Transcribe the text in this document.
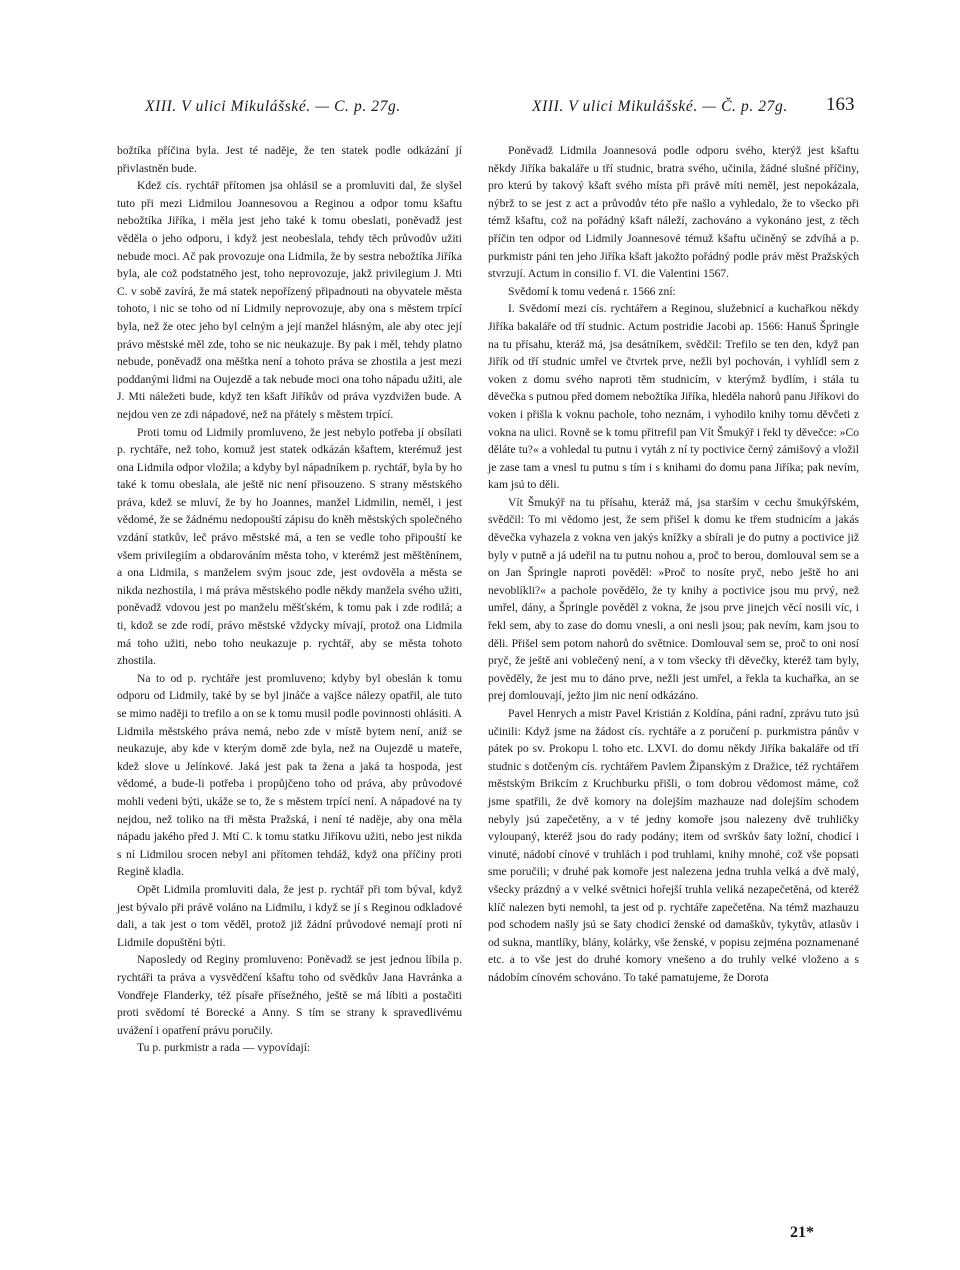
XIII. V ulici Mikulášské. — C. p. 27g.	XIII. V ulici Mikulášské. — Č. p. 27g. 163

božtíka příčina byla. Jest té naděje, že ten statek podle odkázání jí přivlastněn bude.

Kdež cís. rychtář přítomen jsa ohlásil se a promluviti dal, že slyšel tuto při mezi Lidmilou Joannesovou a Reginou a odpor tomu kšaftu nebožtíka Jiříka, i měla jest jeho také k tomu obeslati, poněvadž jest věděla o jeho odporu, i když jest neobeslala, tehdy těch průvodův užiti nebude moci. Ač pak provozuje ona Lidmila, že by sestra nebožtíka Jiříka byla, ale což podstatného jest, toho neprovozuje, jakž privilegium J. Mti C. v sobě zavírá, že má statek nepořízený připadnouti na obyvatele města tohoto, i nic se toho od ní Lidmily neprovozuje, aby ona s městem trpící byla, než že otec jeho byl celným a její manžel hlásným, ale aby otec její právo městské měl zde, toho se nic neukazuje. By pak i měl, tehdy platno nebude, poněvadž ona měštka není a tohoto práva se zhostila a jest mezi poddanými lidmi na Oujezdě a tak nebude moci ona toho nápadu užiti, ale J. Mti náležeti bude, když ten kšaft Jiříkův od práva vyzdvižen bude. A nejdou ven ze zdi nápadové, než na přátely s městem trpící.

Proti tomu od Lidmily promluveno, že jest nebylo potřeba jí obsílati p. rychtáře, než toho, komuž jest statek odkázán kšaftem, kterémuž jest ona Lidmila odpor vložila; a kdyby byl nápadníkem p. rychtář, byla by ho také k tomu obeslala, ale ještě nic není přisouzeno. S strany městského práva, kdež se mluví, že by ho Joannes, manžel Lidmilin, neměl, i jest vědomé, že se žádnému nedopouští zápisu do kněh městských společného vzdání statkův, leč právo městské má, a ten se vedle toho připouští ke všem privilegiím a obdarováním města toho, v kterémž jest měštěnínem, a ona Lidmila, s manželem svým jsouc zde, jest ovdověla a města se nikda nezhostila, i má práva městského podle někdy manžela svého užiti, poněvadž vdovou jest po manželu měšťském, k tomu pak i zde rodilá; a ti, kdož se zde rodí, právo městské vždycky mívají, protož ona Lidmila má toho užiti, nebo toho neukazuje p. rychtář, aby se města tohoto zhostila.

Na to od p. rychtáře jest promluveno; kdyby byl obeslán k tomu odporu od Lidmily, také by se byl jináče a vajšce nálezy opatřil, ale tuto se mimo naději to trefilo a on se k tomu musil podle povinnosti ohlásiti. A Lidmila městského práva nemá, nebo zde v místě bytem není, aniž se neukazuje, aby kde v kterým domě zde byla, než na Oujezdě u mateře, kdež slove u Jelínkové. Jaká jest pak ta žena a jaká ta hospoda, jest vědomé, a bude-li potřeba i propůjčeno toho od práva, aby průvodové mohli vedeni býti, ukáže se to, že s městem trpící není. A nápadové na ty nejdou, než toliko na tři města Pražská, i není té naděje, aby ona měla nápadu jakého před J. Mtí C. k tomu statku Jiříkovu užiti, nebo jest nikda s ní Lidmilou srocen nebyl ani přítomen tehdáž, když ona příčiny proti Regině kladla.

Opět Lidmila promluviti dala, že jest p. rychtář při tom býval, když jest bývalo při právě voláno na Lidmilu, i když se jí s Reginou odkladové dali, a tak jest o tom věděl, protož již žádní průvodové nemají proti ní Lidmile dopuštěni býti.

Naposledy od Reginy promluveno: Poněvadž se jest jednou líbila p. rychtáři ta práva a vysvědčení kšaftu toho od svědkův Jana Havránka a Vondřeje Flanderky, též písaře přísežného, ještě se má líbiti a postačiti proti svědomí té Borecké a Anny. S tím se strany k spravedlivému uvážení i opatření právu poručily.

Tu p. purkmistr a rada — vypovídají:

Poněvadž Lidmila Joannesová podle odporu svého, kterýž jest kšaftu někdy Jiříka bakaláře u tří studnic, bratra svého, učinila, žádné slušné příčiny, pro kterú by takový kšaft svého místa při právě míti neměl, jest nepokázala, nýbrž to se jest z act a průvodův této pře našlo a vyhledalo, že to všecko při témž kšaftu, což na pořádný kšaft náleží, zachováno a vykonáno jest, z těch příčin ten odpor od Lidmily Joannesové témuž kšaftu učiněný se zdvíhá a p. purkmistr páni ten jeho Jiříka kšaft jakožto pořádný podle práv měst Pražských stvrzují. Actum in consilio f. VI. die Valentini 1567.

Svědomí k tomu vedená r. 1566 zní:

I. Svědomí mezi cís. rychtářem a Reginou, služebnicí a kuchařkou někdy Jiříka bakaláře od tří studnic. Actum postridie Jacobi ap. 1566: Hanuš Špringle na tu přísahu, kteráž má, jsa desátníkem, svědčil: Trefilo se ten den, když pan Jiřík od tří studnic umřel ve čtvrtek prve, nežli byl pochován, i vyhlídl sem z voken z domu svého naproti těm studnicím, v kterýmž bydlím, i stála tu děvečka s putnou před domem nebožtíka Jiříka, hleděla nahorů panu Jiříkovi do voken i přišla k voknu pachole, toho neznám, i vyhodilo knihy tomu děvčeti z vokna na ulici. Rovně se k tomu přitrefil pan Vít Šmukýř i řekl ty děvečce: »Co děláte tu?« a vohledal tu putnu i vytáh z ní ty poctivice černý zámišový a vložil je zase tam a vnesl tu putnu s tím i s knihami do domu pana Jiříka; pak nevím, kam jsú to děli.

Vít Šmukýř na tu přísahu, kteráž má, jsa starším v cechu šmukýřském, svědčil: To mi vědomo jest, že sem přišel k domu ke třem studnicím a jakás děvečka vyhazela z vokna ven jakýs knížky a sbírali je do putny a poctivice již byly v putně a já udeřil na tu putnu nohou a, proč to berou, domlouval sem se a on Jan Špringle naproti pověděl: »Proč to nosíte pryč, nebo ještě ho ani nevoblíkli?« a pachole povědělo, že ty knihy a poctivice jsou mu prvý, než umřel, dány, a Špringle pověděl z vokna, že jsou prve jinejch věcí nosili víc, i řekl sem, aby to zase do domu vnesli, a oni nesli jsou; pak nevím, kam jsou to děli. Přišel sem potom nahorů do světnice. Domlouval sem se, proč to oni nosí pryč, že ještě ani voblečený není, a v tom všecky tři děvečky, kteréž tam byly, pověděly, že jest mu to dáno prve, nežli jest umřel, a řekla ta kuchařka, an se prej domlouvají, ježto jim nic není odkázáno.

Pavel Henrych a mistr Pavel Kristián z Koldína, páni radní, zprávu tuto jsú učinili: Když jsme na žádost cís. rychtáře a z poručení p. purkmistra pánův v pátek po sv. Prokopu l. toho etc. LXVI. do domu někdy Jiříka bakaláře od tří studnic s dotčeným cís. rychtářem Pavlem Žipanským z Dražice, též rychtářem městským Brikcím z Kruchburku přišli, o tom dobrou vědomost máme, což jsme spatřili, že dvě komory na dolejším mazhauze nad dolejším schodem nebyly jsú zapečetěny, a v té jedny komoře jsou nalezeny dvě truhličky vyloupaný, kteréž jsou do rady podány; item od svrškův šaty ložní, chodicí i vinuté, nádobí cínové v truhlách i pod truhlami, knihy mnohé, což vše popsati sme poručili; v druhé pak komoře jest nalezena jedna truhla velká a dvě malý, všecky prázdný a v velké světnici hořejší truhla veliká nezapečetěná, od kteréž klíč nalezen byti nemohl, ta jest od p. rychtáře zapečetěna. Na témž mazhauzu pod schodem našly jsú se šaty chodicí ženské od damaškův, tykytův, atlasův i od sukna, mantlíky, blány, kolárky, vše ženské, v popisu zejména poznamenané etc. a to vše jest do druhé komory vnešeno a do truhly velké vloženo a s nádobím cínovém schováno. To také pamatujeme, že Dorota

21*
